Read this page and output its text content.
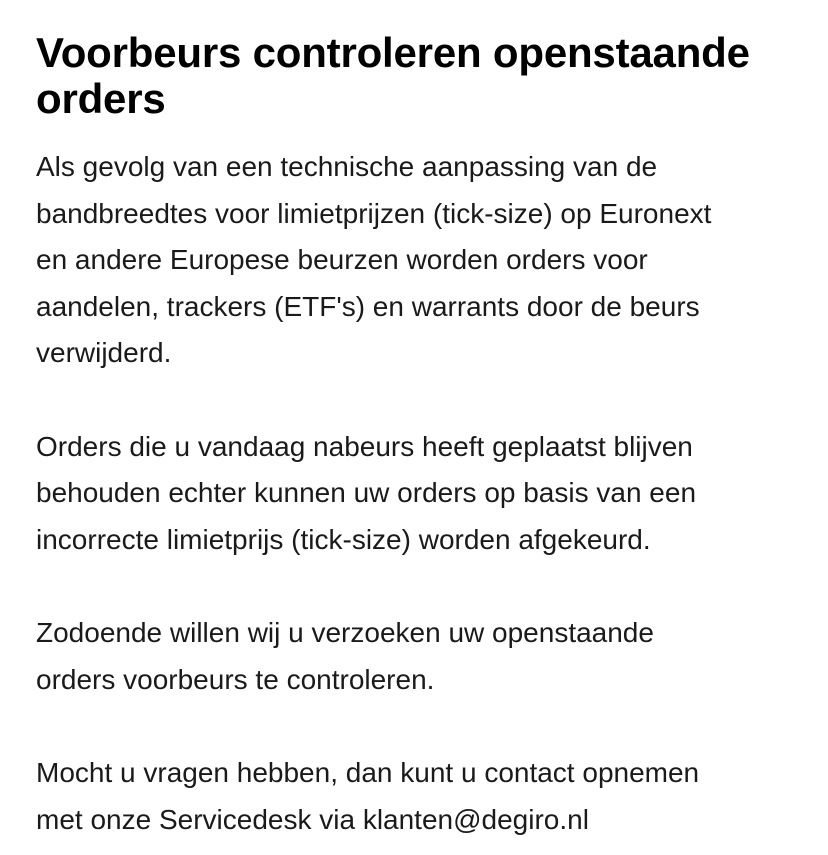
Voorbeurs controleren openstaande orders

Als gevolg van een technische aanpassing van de
bandbreedtes voor limietprijzen (tick-size) op Euronext
en andere Europese beurzen worden orders voor
aandelen, trackers (ETF's) en warrants door de beurs
verwijderd.

Orders die u vandaag nabeurs heeft geplaatst blijven
behouden echter kunnen uw orders op basis van een
incorrecte limietprijs (tick-size) worden afgekeurd.

Zodoende willen wij u verzoeken uw openstaande
orders voorbeurs te controleren.

Mocht u vragen hebben, dan kunt u contact opnemen
met onze Servicedesk via klanten@degiro.nl
